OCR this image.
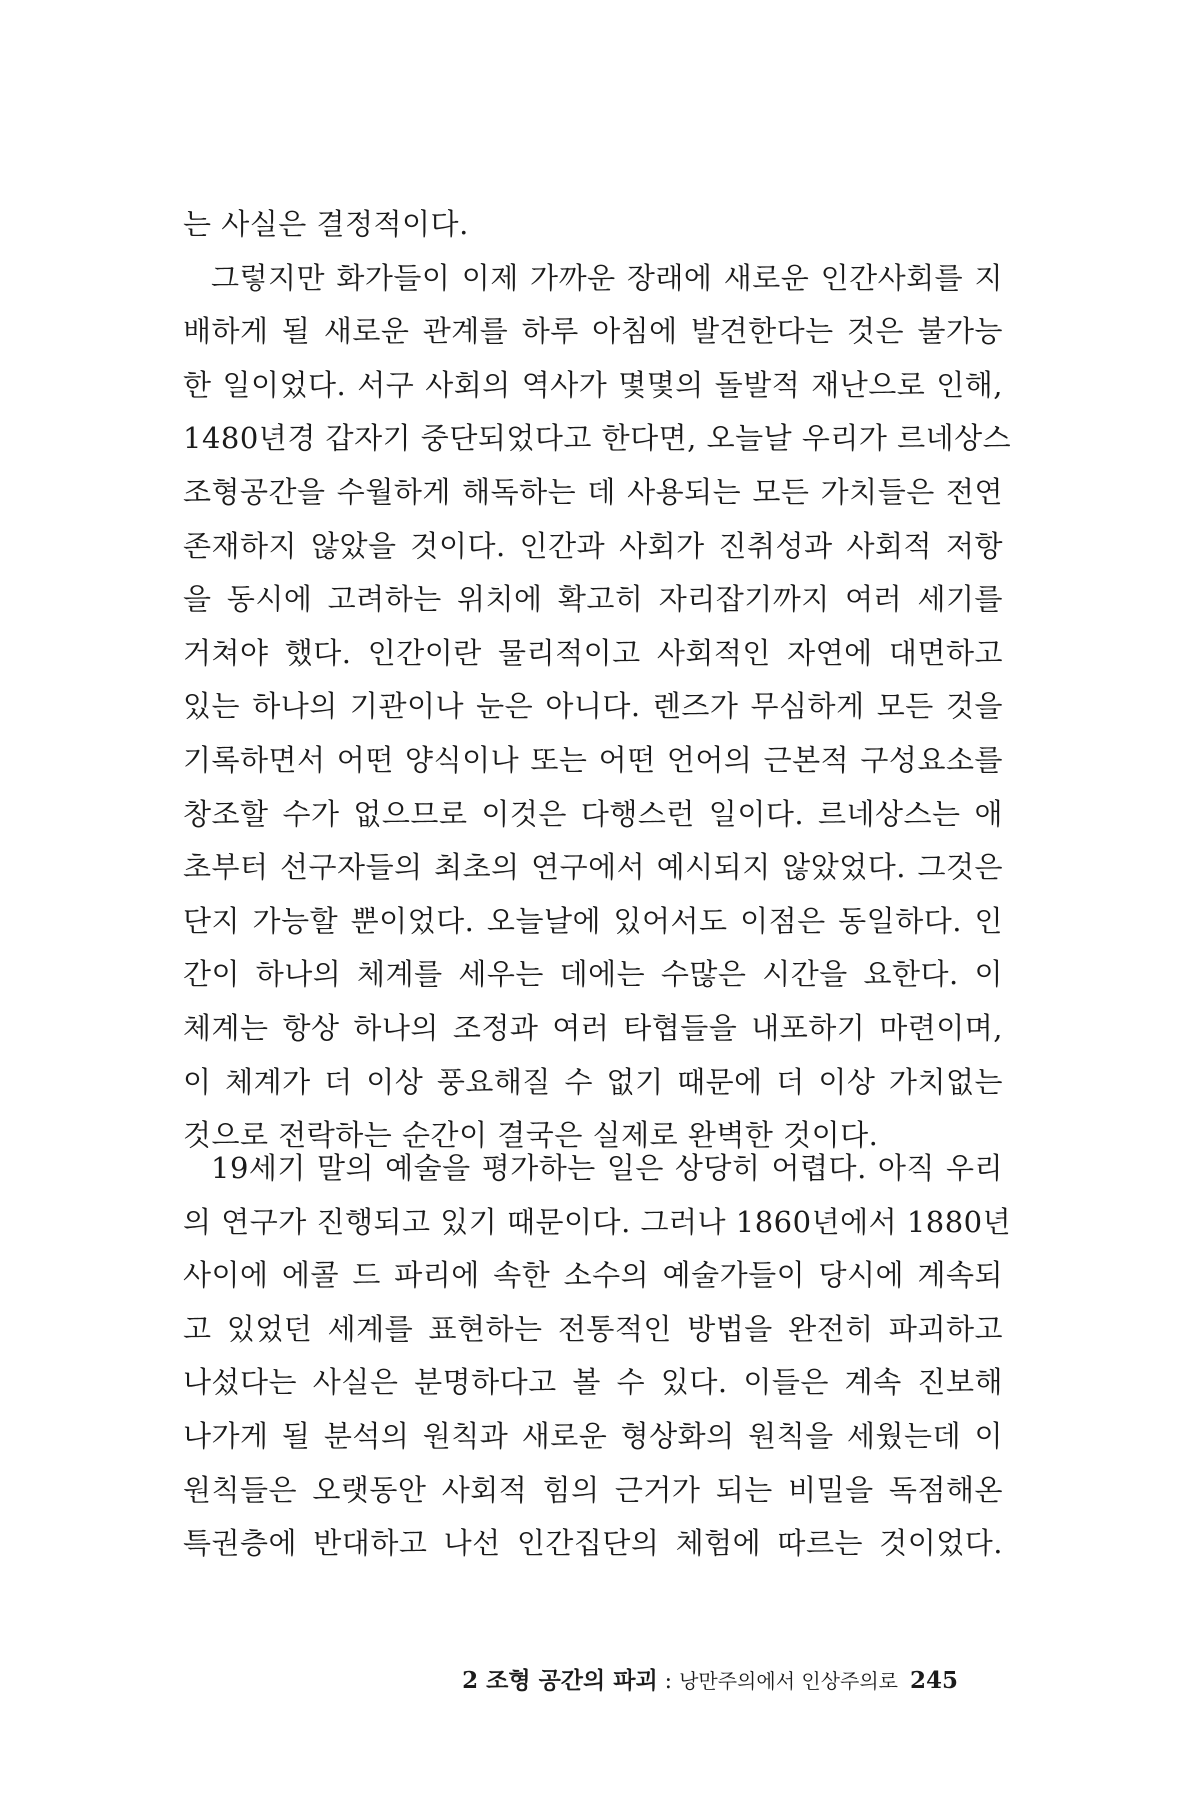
는 사실은 결정적이다.
그렇지만 화가들이 이제 가까운 장래에 새로운 인간사회를 지
배하게 될 새로운 관계를 하루 아침에 발견한다는 것은 불가능
한 일이었다. 서구 사회의 역사가 몇몇의 돌발적 재난으로 인해,
1480년경 갑자기 중단되었다고 한다면, 오늘날 우리가 르네상스
조형공간을 수월하게 해독하는 데 사용되는 모든 가치들은 전연
존재하지 않았을 것이다. 인간과 사회가 진취성과 사회적 저항
을 동시에 고려하는 위치에 확고히 자리잡기까지 여러 세기를
거쳐야 했다. 인간이란 물리적이고 사회적인 자연에 대면하고
있는 하나의 기관이나 눈은 아니다. 렌즈가 무심하게 모든 것을
기록하면서 어떤 양식이나 또는 어떤 언어의 근본적 구성요소를
창조할 수가 없으므로 이것은 다행스런 일이다. 르네상스는 애
초부터 선구자들의 최초의 연구에서 예시되지 않았었다. 그것은
단지 가능할 뿐이었다. 오늘날에 있어서도 이점은 동일하다. 인
간이 하나의 체계를 세우는 데에는 수많은 시간을 요한다. 이
체계는 항상 하나의 조정과 여러 타협들을 내포하기 마련이며,
이 체계가 더 이상 풍요해질 수 없기 때문에 더 이상 가치없는
것으로 전락하는 순간이 결국은 실제로 완벽한 것이다.
19세기 말의 예술을 평가하는 일은 상당히 어렵다. 아직 우리
의 연구가 진행되고 있기 때문이다. 그러나 1860년에서 1880년
사이에 에콜 드 파리에 속한 소수의 예술가들이 당시에 계속되
고 있었던 세계를 표현하는 전통적인 방법을 완전히 파괴하고
나섰다는 사실은 분명하다고 볼 수 있다. 이들은 계속 진보해
나가게 될 분석의 원칙과 새로운 형상화의 원칙을 세웠는데 이
원칙들은 오랫동안 사회적 힘의 근거가 되는 비밀을 독점해온
특권층에 반대하고 나선 인간집단의 체험에 따르는 것이었다.
2 조형 공간의 파괴 : 낭만주의에서 인상주의로 245
